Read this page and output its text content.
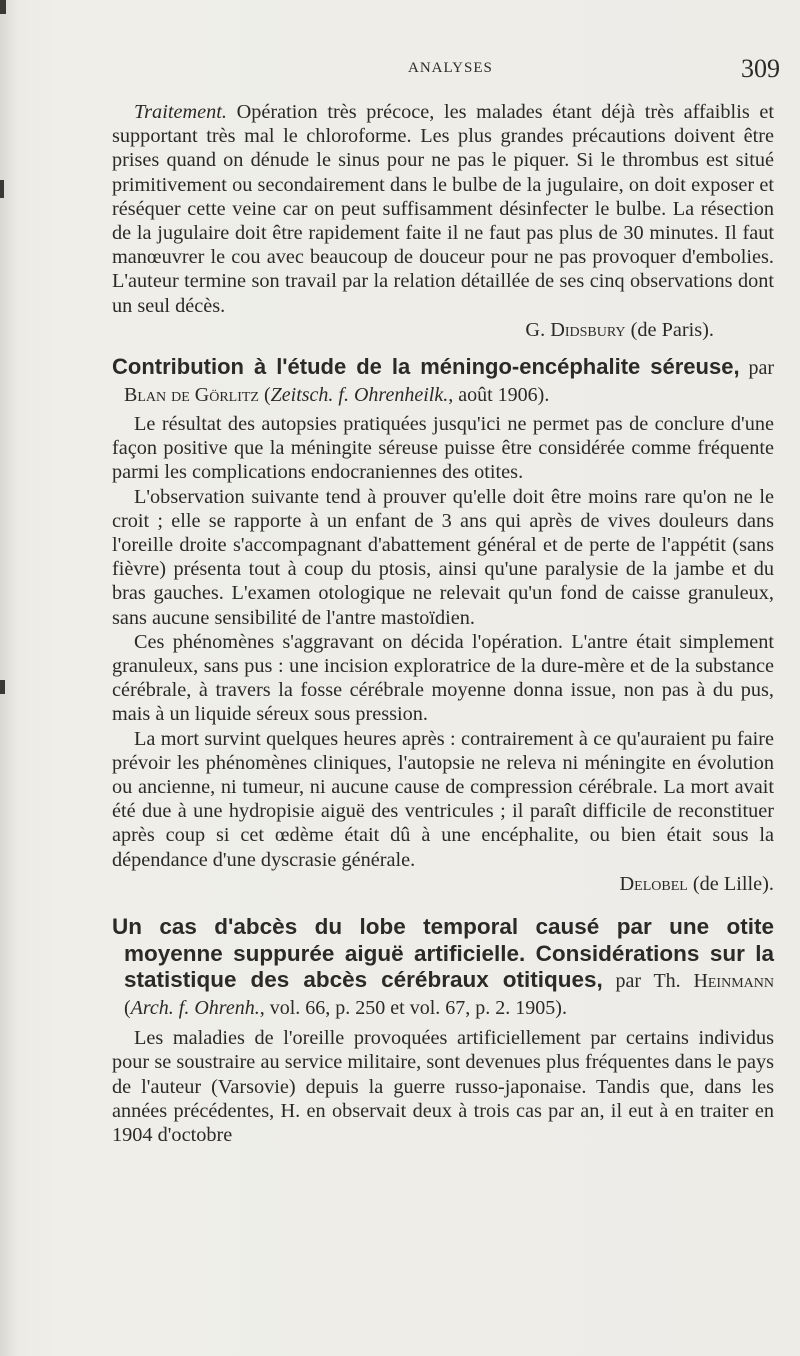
ANALYSES	309

Traitement. Opération très précoce, les malades étant déjà très affaiblis et supportant très mal le chloroforme. Les plus grandes précautions doivent être prises quand on dénude le sinus pour ne pas le piquer. Si le thrombus est situé primitivement ou secondairement dans le bulbe de la jugulaire, on doit exposer et réséquer cette veine car on peut suffisamment désinfecter le bulbe. La résection de la jugulaire doit être rapidement faite il ne faut pas plus de 30 minutes. Il faut manœuvrer le cou avec beaucoup de douceur pour ne pas provoquer d'embolies. L'auteur termine son travail par la relation détaillée de ses cinq observations dont un seul décès.

G. Didsbury (de Paris).

Contribution à l'étude de la méningo-encéphalite séreuse, par Blan de Görlitz (Zeitsch. f. Ohrenheilk., août 1906).

Le résultat des autopsies pratiquées jusqu'ici ne permet pas de conclure d'une façon positive que la méningite séreuse puisse être considérée comme fréquente parmi les complications endocraniennes des otites.

L'observation suivante tend à prouver qu'elle doit être moins rare qu'on ne le croit ; elle se rapporte à un enfant de 3 ans qui après de vives douleurs dans l'oreille droite s'accompagnant d'abattement général et de perte de l'appétit (sans fièvre) présenta tout à coup du ptosis, ainsi qu'une paralysie de la jambe et du bras gauches. L'examen otologique ne relevait qu'un fond de caisse granuleux, sans aucune sensibilité de l'antre mastoïdien.

Ces phénomènes s'aggravant on décida l'opération. L'antre était simplement granuleux, sans pus : une incision exploratrice de la dure-mère et de la substance cérébrale, à travers la fosse cérébrale moyenne donna issue, non pas à du pus, mais à un liquide séreux sous pression.

La mort survint quelques heures après : contrairement à ce qu'auraient pu faire prévoir les phénomènes cliniques, l'autopsie ne releva ni méningite en évolution ou ancienne, ni tumeur, ni aucune cause de compression cérébrale. La mort avait été due à une hydropisie aiguë des ventricules ; il paraît difficile de reconstituer après coup si cet œdème était dû à une encéphalite, ou bien était sous la dépendance d'une dyscrasie générale.

Delobel (de Lille).

Un cas d'abcès du lobe temporal causé par une otite moyenne suppurée aiguë artificielle. Considérations sur la statistique des abcès cérébraux otitiques, par Th. Heinmann (Arch. f. Ohrenh., vol. 66, p. 250 et vol. 67, p. 2. 1905).

Les maladies de l'oreille provoquées artificiellement par certains individus pour se soustraire au service militaire, sont devenues plus fréquentes dans le pays de l'auteur (Varsovie) depuis la guerre russo-japonaise. Tandis que, dans les années précédentes, H. en observait deux à trois cas par an, il eut à en traiter en 1904 d'octobre
